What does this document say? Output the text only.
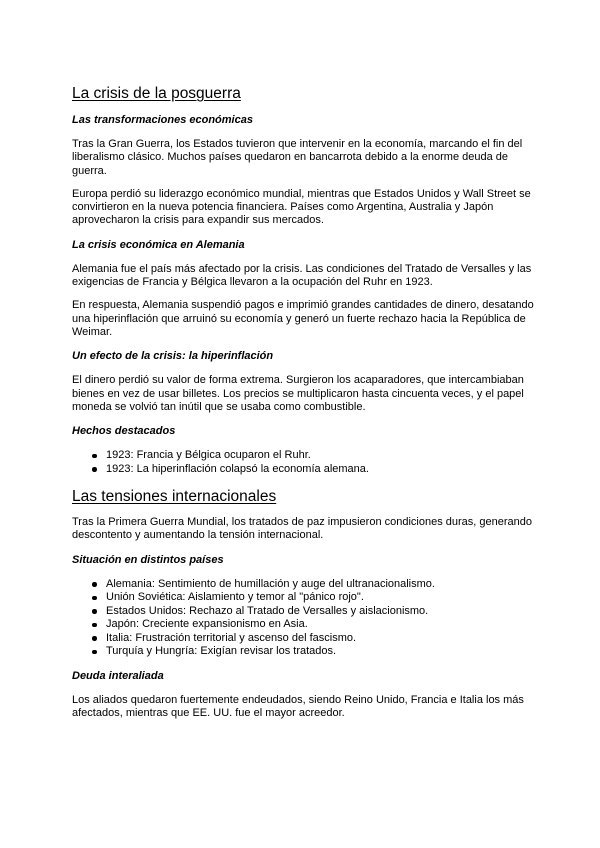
La crisis de la posguerra
Las transformaciones económicas

Tras la Gran Guerra, los Estados tuvieron que intervenir en la economía, marcando el fin del liberalismo clásico. Muchos países quedaron en bancarrota debido a la enorme deuda de guerra.

Europa perdió su liderazgo económico mundial, mientras que Estados Unidos y Wall Street se convirtieron en la nueva potencia financiera. Países como Argentina, Australia y Japón aprovecharon la crisis para expandir sus mercados.

La crisis económica en Alemania

Alemania fue el país más afectado por la crisis. Las condiciones del Tratado de Versalles y las exigencias de Francia y Bélgica llevaron a la ocupación del Ruhr en 1923.

En respuesta, Alemania suspendió pagos e imprimió grandes cantidades de dinero, desatando una hiperinflación que arruinó su economía y generó un fuerte rechazo hacia la República de Weimar.

Un efecto de la crisis: la hiperinflación

El dinero perdió su valor de forma extrema. Surgieron los acaparadores, que intercambiaban bienes en vez de usar billetes. Los precios se multiplicaron hasta cincuenta veces, y el papel moneda se volvió tan inútil que se usaba como combustible.

Hechos destacados
1923: Francia y Bélgica ocuparon el Ruhr.
1923: La hiperinflación colapsó la economía alemana.
Las tensiones internacionales

Tras la Primera Guerra Mundial, los tratados de paz impusieron condiciones duras, generando descontento y aumentando la tensión internacional.

Situación en distintos países
Alemania: Sentimiento de humillación y auge del ultranacionalismo.
Unión Soviética: Aislamiento y temor al "pánico rojo".
Estados Unidos: Rechazo al Tratado de Versalles y aislacionismo.
Japón: Creciente expansionismo en Asia.
Italia: Frustración territorial y ascenso del fascismo.
Turquía y Hungría: Exigían revisar los tratados.
Deuda interaliada

Los aliados quedaron fuertemente endeudados, siendo Reino Unido, Francia e Italia los más afectados, mientras que EE. UU. fue el mayor acreedor.
